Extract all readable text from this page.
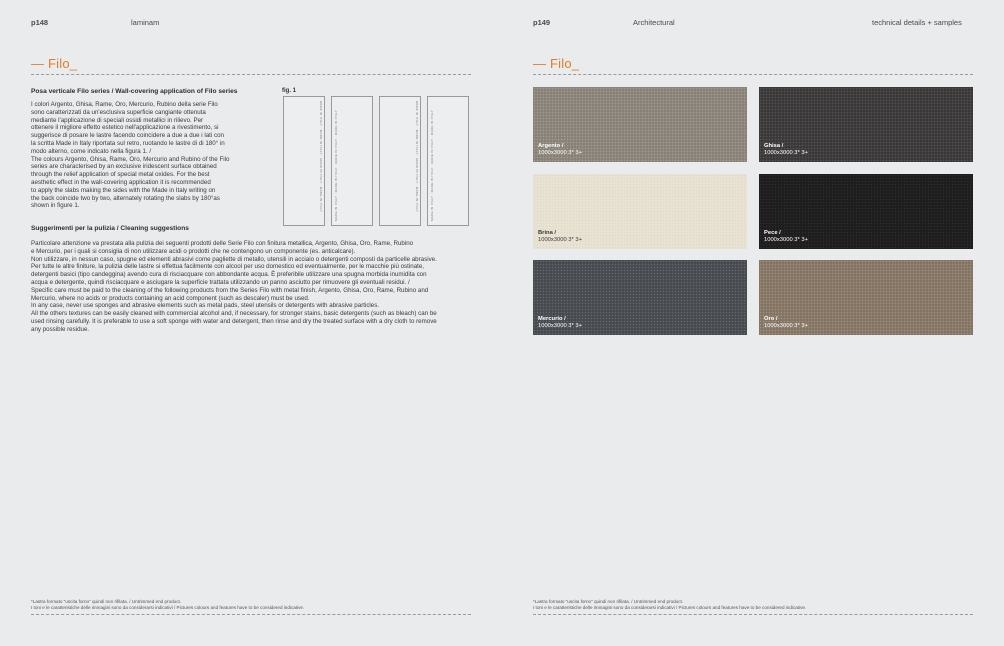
p148	laminam
— Filo_
Posa verticale Filo series / Wall-covering application of Filo series
I colori Argento, Ghisa, Rame, Oro, Mercurio, Rubino della serie Filo
sono caratterizzati da un'esclusiva superficie cangiante ottenuta
mediante l'applicazione di speciali ossidi metallici in rilievo. Per
ottenere il migliore effetto estetico nell'applicazione a rivestimento, si
suggerisce di posare le lastre facendo coincidere a due a due i lati con
la scritta Made in Italy riportata sul retro, ruotando le lastre di di 180° in
modo alterno, come indicato nella figura 1. /
The colours Argento, Ghisa, Rame, Oro, Mercurio and Rubino of the Filo
series are characterised by an exclusive iridescent surface obtained
through the relief application of special metal oxides. For the best
aesthetic effect in the wall-covering application it is recommended
to apply the slabs making the sides with the Made in Italy writing on
the back coincide two by two, alternately rotating the slabs by 180°as
shown in figure 1.
fig. 1
MADE IN ITALY · MADE IN ITALY · MADE IN ITALY · MADE IN ITALY	MADE IN ITALY · MADE IN ITALY · MADE IN ITALY · MADE IN ITALY	MADE IN ITALY · MADE IN ITALY · MADE IN ITALY · MADE IN ITALY	MADE IN ITALY · MADE IN ITALY · MADE IN ITALY · MADE IN ITALY
Suggerimenti per la pulizia / Cleaning suggestions
Particolare attenzione va prestata alla pulizia dei seguenti prodotti delle Serie Filo con finitura metallica, Argento, Ghisa, Oro, Rame, Rubino
e Mercurio, per i quali si consiglia di non utilizzare acidi o prodotti che ne contengono un componente (es. anticalcare).
Non utilizzare, in nessun caso, spugne ed elementi abrasivi come pagliette di metallo, utensili in acciaio o detergenti composti da particelle abrasive.
Per tutte le altre finiture, la pulizia delle lastre si effettua facilmente con alcool per uso domestico ed eventualmente, per le macchie più ostinate,
detergenti basici (tipo candeggina) avendo cura di risciacquare con abbondante acqua. È preferibile utilizzare una spugna morbida inumidita con
acqua e detergente, quindi risciacquare e asciugare la superficie trattata utilizzando un panno asciutto per rimuovere gli eventuali residui. /
Specific care must be paid to the cleaning of the following products from the Series Filo with metal finish, Argento, Ghisa, Oro, Rame, Rubino and
Mercurio, where no acids or products containing an acid component (such as descaler) must be used.
In any case, never use sponges and abrasive elements such as metal pads, steel utensils or detergents with abrasive particles.
All the others textures can be easily cleaned with commercial alcohol and, if necessary, for stronger stains, basic detergents (such as bleach) can be
used rinsing carefully. It is preferable to use a soft sponge with water and detergent, then rinse and dry the treated surface with a dry cloth to remove
any possible residue.
*Lastra formato "uscita forno" quindi non rifilata. / Untrimmed end product.
I toni e le caratteristiche delle immagini sono da considerarsi indicativi / Pictures colours and features have to be considered indicative.
p149	Architectural	technical details + samples
— Filo_
Argento /
1000x3000 3* 3+
Ghisa /
1000x3000 3* 3+
Brina /
1000x3000 3* 3+
Pece /
1000x3000 3* 3+
Mercurio /
1000x3000 3* 3+
Oro /
1000x3000 3* 3+
*Lastra formato "uscita forno" quindi non rifilata. / Untrimmed end product.
I toni e le caratteristiche delle immagini sono da considerarsi indicativi / Pictures colours and features have to be considered indicative.
